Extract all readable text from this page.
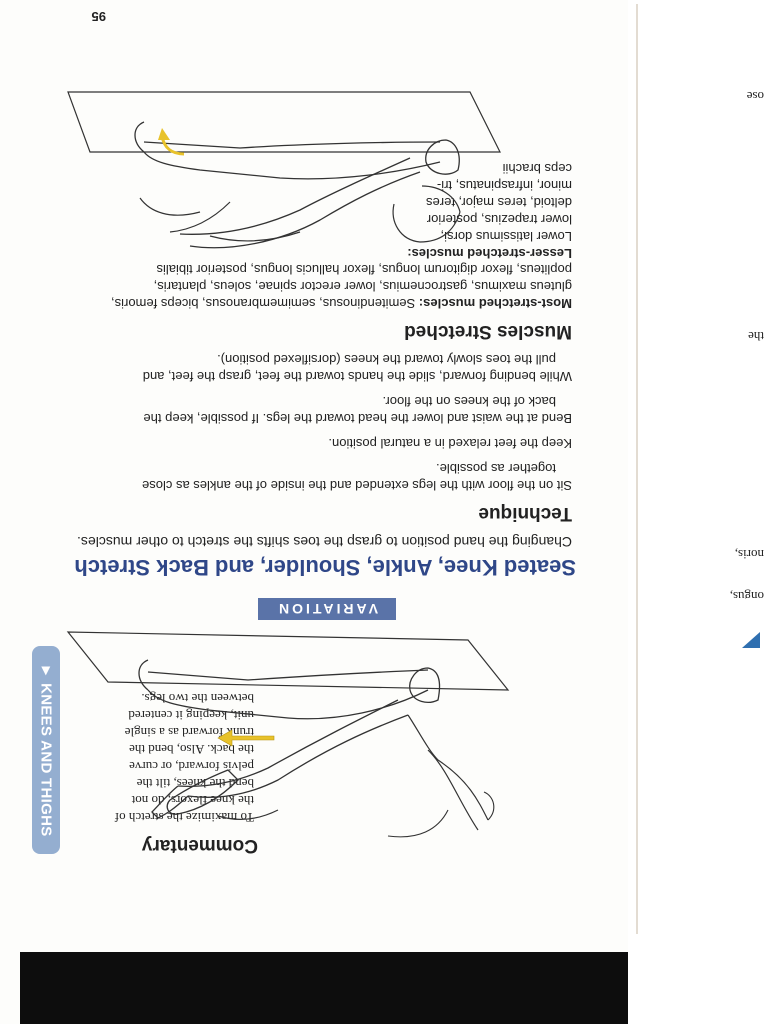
ongus,
noris,
the
ose
► KNEES AND THIGHS
Commentary
To maximize the stretch of
the knee flexors, do not
bend the knees, tilt the
pelvis forward, or curve
the back. Also, bend the
trunk forward as a single
unit, keeping it centered
between the two legs.
VARIATION
Seated Knee, Ankle, Shoulder, and Back Stretch
Changing the hand position to grasp the toes shifts the stretch to other muscles.
Technique
Sit on the floor with the legs extended and the inside of the ankles as close
together as possible.
Keep the feet relaxed in a natural position.
Bend at the waist and lower the head toward the legs. If possible, keep the
back of the knees on the floor.
While bending forward, slide the hands toward the feet, grasp the feet, and
pull the toes slowly toward the knees (dorsiflexed position).
Muscles Stretched
Most-stretched muscles: Semitendinosus, semimembranosus, biceps femoris,
gluteus maximus, gastrocnemius, lower erector spinae, soleus, plantaris,
popliteus, flexor digitorum longus, flexor hallucis longus, posterior tibialis
Lesser-stretched muscles:
Lower latissimus dorsi,
lower trapezius, posterior
deltoid, teres major, teres
minor, infraspinatus, tri-
ceps brachii
95
